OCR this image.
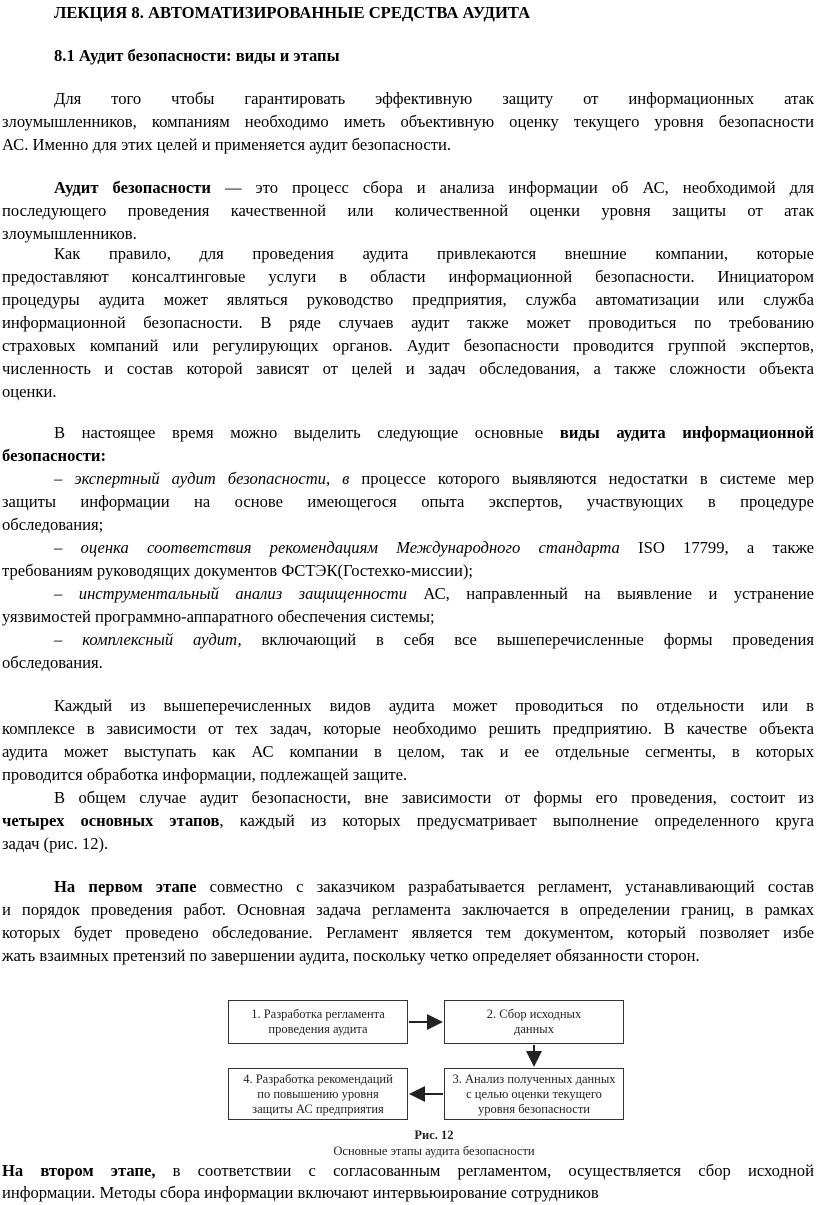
ЛЕКЦИЯ 8. АВТОМАТИЗИРОВАННЫЕ СРЕДСТВА АУДИТА
8.1 Аудит безопасности: виды и этапы
Для того чтобы гарантировать эффективную защиту от информационных атак
злоумышленников, компаниям необходимо иметь объективную оценку текущего уровня безопасности
АС. Именно для этих целей и применяется аудит безопасности.
Аудит безопасности — это процесс сбора и анализа информации об АС, необходимой для
последующего проведения качественной или количественной оценки уровня защиты от атак
злоумышленников.
Как правило, для проведения аудита привлекаются внешние компании, которые
предоставляют консалтинговые услуги в области информационной безопасности. Инициатором
процедуры аудита может являться руководство предприятия, служба автоматизации или служба
информационной безопасности. В ряде случаев аудит также может проводиться по требованию
страховых компаний или регулирующих органов. Аудит безопасности проводится группой экспертов,
численность и состав которой зависят от целей и задач обследования, а также сложности объекта
оценки.
В настоящее время можно выделить следующие основные виды аудита информационной
безопасности:
– экспертный аудит безопасности, в процессе которого выявляются недостатки в системе мер
защиты информации на основе имеющегося опыта экспертов, участвующих в процедуре
обследования;
– оценка соответствия рекомендациям Международного стандарта ISO 17799, а также
требованиям руководящих документов ФСТЭК(Гостехко-миссии);
– инструментальный анализ защищенности АС, направленный на выявление и устранение
уязвимостей программно-аппаратного обеспечения системы;
– комплексный аудит, включающий в себя все вышеперечисленные формы проведения
обследования.
Каждый из вышеперечисленных видов аудита может проводиться по отдельности или в
комплексе в зависимости от тех задач, которые необходимо решить предприятию. В качестве объекта
аудита может выступать как АС компании в целом, так и ее отдельные сегменты, в которых
проводится обработка информации, подлежащей защите.
В общем случае аудит безопасности, вне зависимости от формы его проведения, состоит из
четырех основных этапов, каждый из которых предусматривает выполнение определенного круга
задач (рис. 12).
На первом этапе совместно с заказчиком разрабатывается регламент, устанавливающий состав
и порядок проведения работ. Основная задача регламента заключается в определении границ, в рамках
которых будет проведено обследование. Регламент является тем документом, который позволяет избе
жать взаимных претензий по завершении аудита, поскольку четко определяет обязанности сторон.
1. Разработка регламента
проведения аудита
2. Сбор исходных
данных
3. Анализ полученных данных
с целью оценки текущего
уровня безопасности
4. Разработка рекомендаций
по повышению уровня
защиты АС предприятия
Рис. 12
Основные этапы аудита безопасности
На втором этапе, в соответствии с согласованным регламентом, осуществляется сбор исходной
информации. Методы сбора информации включают интервьюирование сотрудников
